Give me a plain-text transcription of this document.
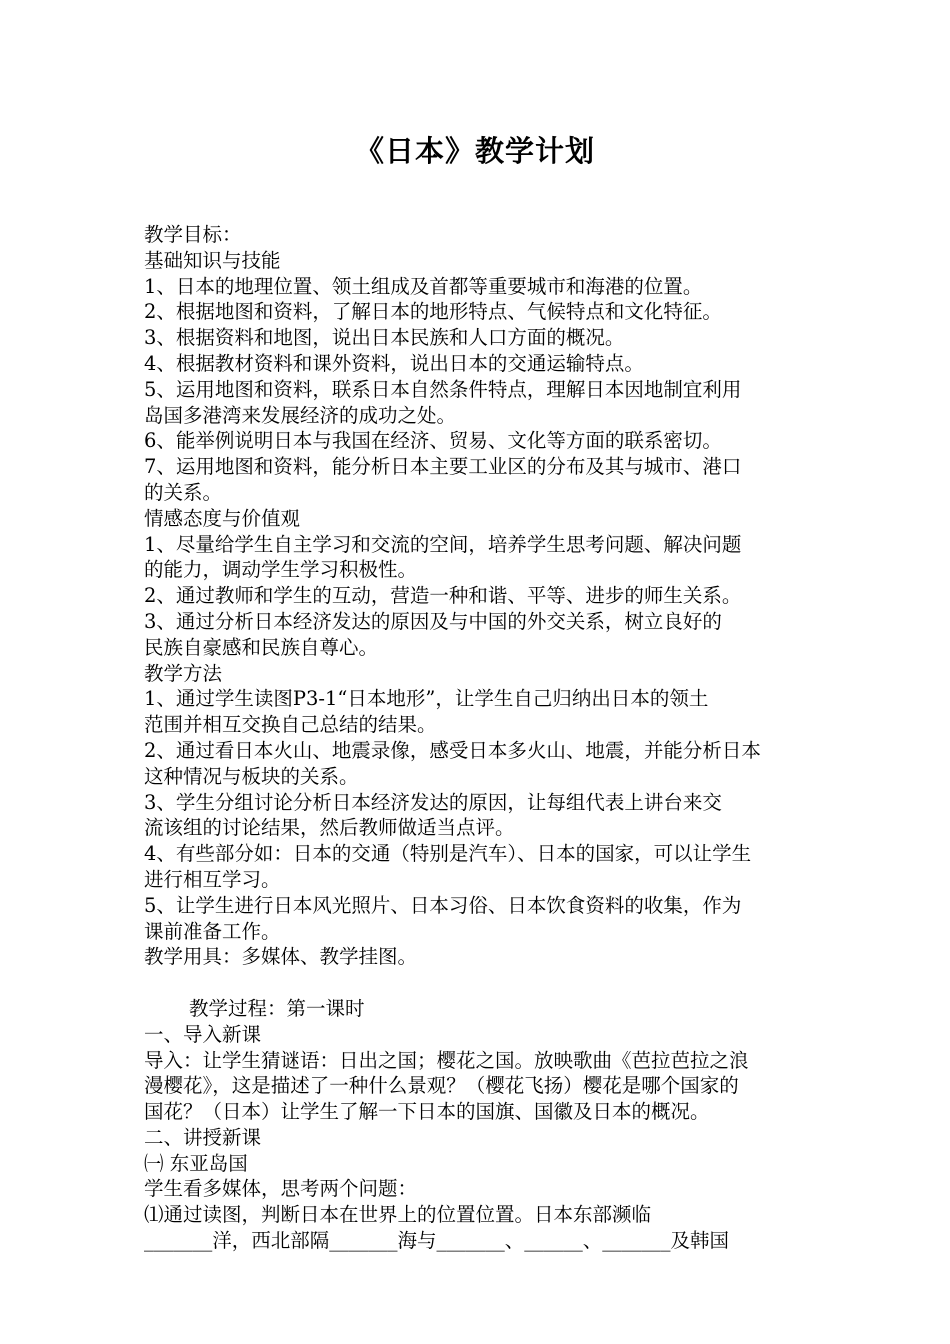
《日本》教学计划

教学目标：

基础知识与技能

1、日本的地理位置、领土组成及首都等重要城市和海港的位置。

2、根据地图和资料，了解日本的地形特点、气候特点和文化特征。

3、根据资料和地图，说出日本民族和人口方面的概况。

4、根据教材资料和课外资料，说出日本的交通运输特点。

5、运用地图和资料，联系日本自然条件特点，理解日本因地制宜利用

岛国多港湾来发展经济的成功之处。

6、能举例说明日本与我国在经济、贸易、文化等方面的联系密切。

7、运用地图和资料，能分析日本主要工业区的分布及其与城市、港口

的关系。

情感态度与价值观

1、尽量给学生自主学习和交流的空间，培养学生思考问题、解决问题

的能力，调动学生学习积极性。

2、通过教师和学生的互动，营造一种和谐、平等、进步的师生关系。

3、通过分析日本经济发达的原因及与中国的外交关系，树立良好的

民族自豪感和民族自尊心。

教学方法

1、通过学生读图P3-1“日本地形”，让学生自己归纳出日本的领土

范围并相互交换自己总结的结果。

2、通过看日本火山、地震录像，感受日本多火山、地震，并能分析日本

这种情况与板块的关系。

3、学生分组讨论分析日本经济发达的原因，让每组代表上讲台来交

流该组的讨论结果，然后教师做适当点评。

4、有些部分如：日本的交通（特别是汽车）、日本的国家，可以让学生

进行相互学习。

5、让学生进行日本风光照片、日本习俗、日本饮食资料的收集，作为

课前准备工作。

教学用具：多媒体、教学挂图。

教学过程：第一课时

一、导入新课

导入：让学生猜谜语：日出之国；樱花之国。放映歌曲《芭拉芭拉之浪

漫樱花》，这是描述了一种什么景观？（樱花飞扬）樱花是哪个国家的

国花？（日本）让学生了解一下日本的国旗、国徽及日本的概况。

二、讲授新课

㈠ 东亚岛国

学生看多媒体，思考两个问题：

⑴通过读图，判断日本在世界上的位置位置。日本东部濒临

_______洋，西北部隔_______海与_______、______、_______及韩国
